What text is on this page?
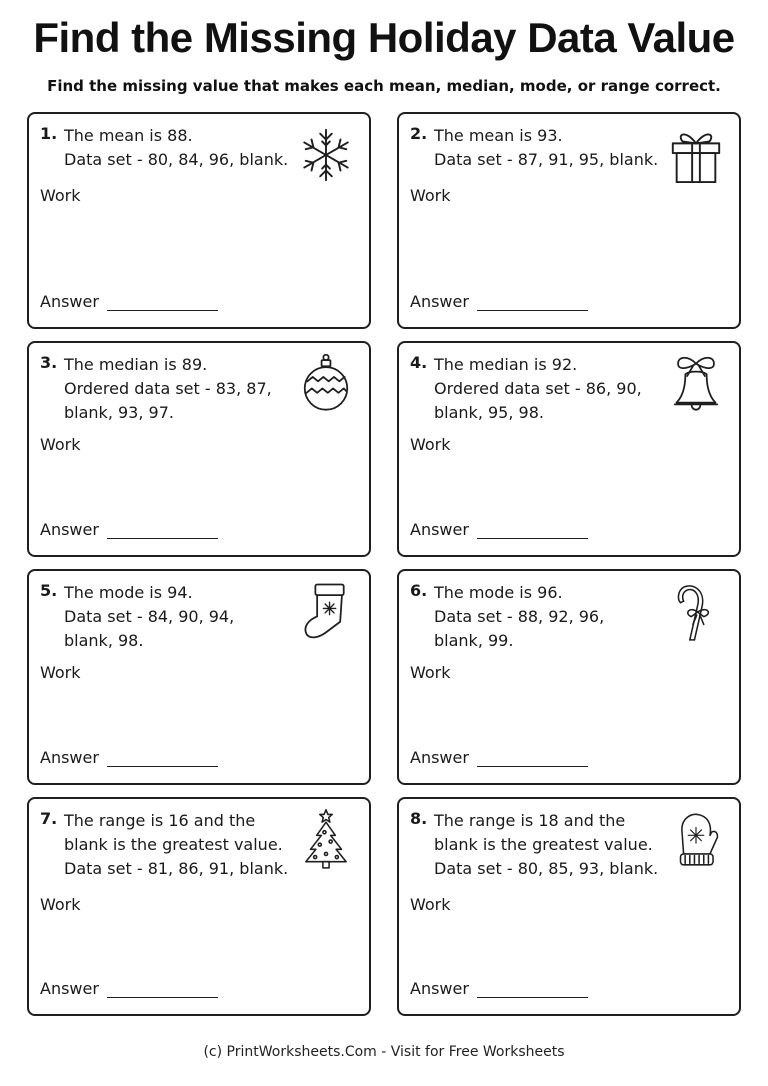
Find the Missing Holiday Data Value
Find the missing value that makes each mean, median, mode, or range correct.
1. The mean is 88.
Data set - 80, 84, 96, blank.
Work
Answer
2. The mean is 93.
Data set - 87, 91, 95, blank.
Work
Answer
3. The median is 89.
Ordered data set - 83, 87,
blank, 93, 97.
Work
Answer
4. The median is 92.
Ordered data set - 86, 90,
blank, 95, 98.
Work
Answer
5. The mode is 94.
Data set - 84, 90, 94,
blank, 98.
Work
Answer
6. The mode is 96.
Data set - 88, 92, 96,
blank, 99.
Work
Answer
7. The range is 16 and the
blank is the greatest value.
Data set - 81, 86, 91, blank.
Work
Answer
8. The range is 18 and the
blank is the greatest value.
Data set - 80, 85, 93, blank.
Work
Answer
(c) PrintWorksheets.Com - Visit for Free Worksheets
